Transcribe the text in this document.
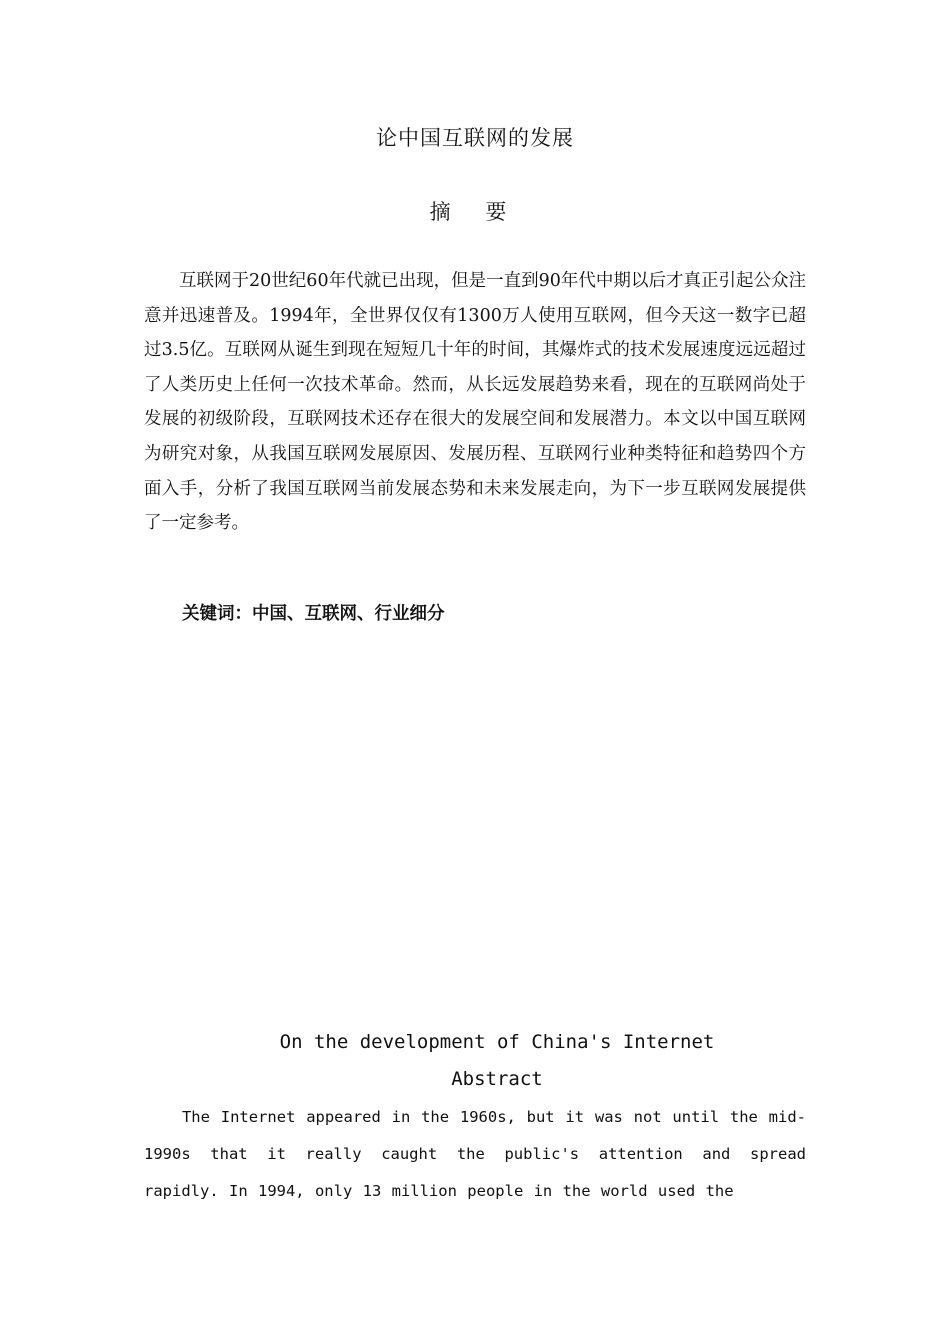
论中国互联网的发展
摘 要

互联网于20世纪60年代就已出现，但是一直到90年代中期以后才真正引起公众注意并迅速普及。1994年，全世界仅仅有1300万人使用互联网，但今天这一数字已超过3.5亿。互联网从诞生到现在短短几十年的时间，其爆炸式的技术发展速度远远超过了人类历史上任何一次技术革命。然而，从长远发展趋势来看，现在的互联网尚处于发展的初级阶段，互联网技术还存在很大的发展空间和发展潜力。本文以中国互联网为研究对象，从我国互联网发展原因、发展历程、互联网行业种类特征和趋势四个方面入手，分析了我国互联网当前发展态势和未来发展走向，为下一步互联网发展提供了一定参考。

关键词：中国、互联网、行业细分
On the development of China's Internet
Abstract

The Internet appeared in the 1960s, but it was not until the mid-1990s that it really caught the public's attention and spread rapidly. In 1994, only 13 million people in the world used the
